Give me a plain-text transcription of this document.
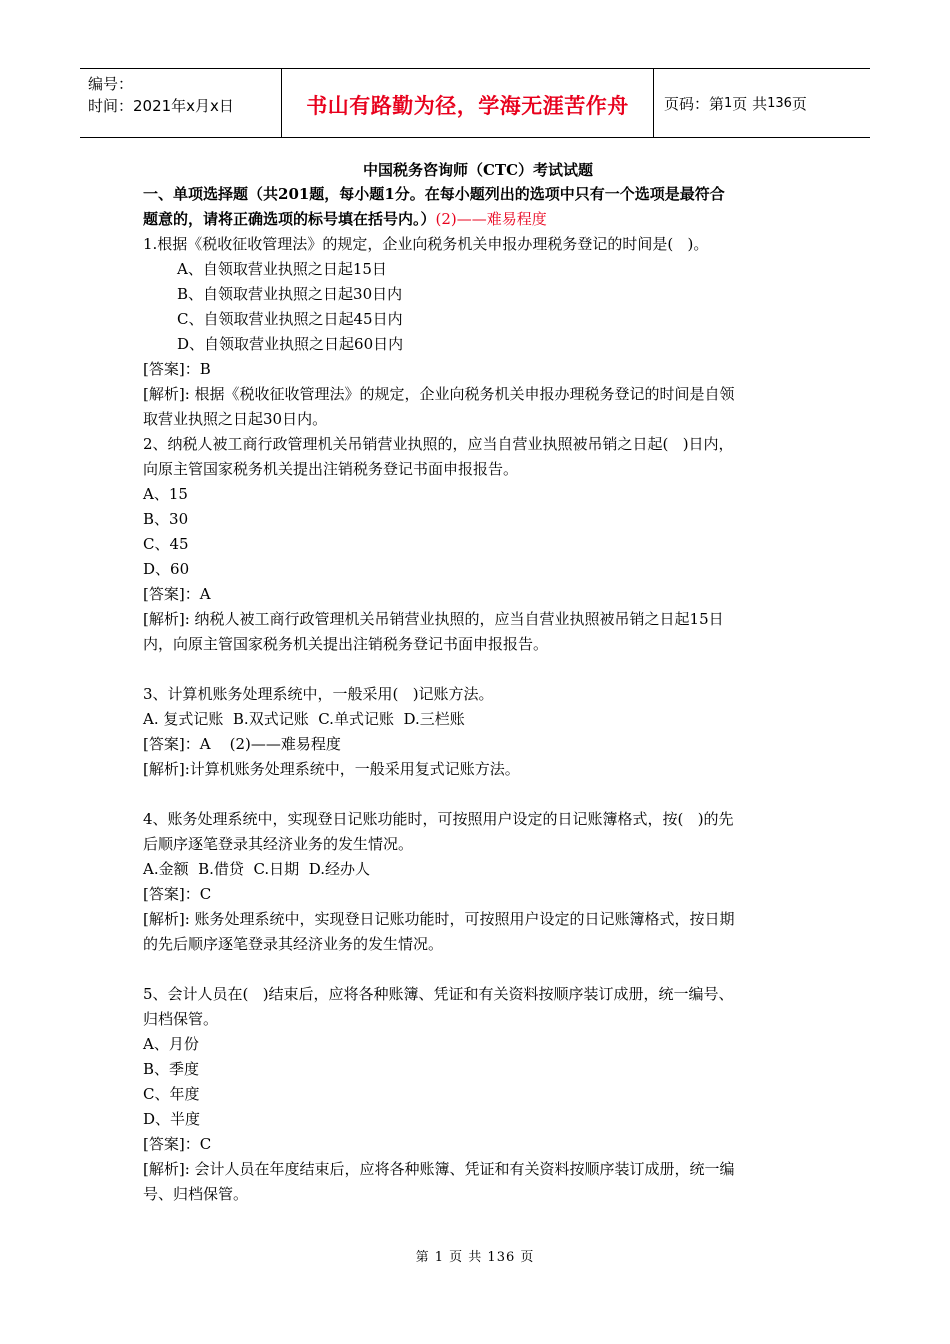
编号：
时间：2021年x月x日	书山有路勤为径，学海无涯苦作舟 页码：第 1 页 共 136 页

中国税务咨询师（CTC）考试试题

一、单项选择题（共201题，每小题1分。在每小题列出的选项中只有一个选项是最符合

题意的，请将正确选项的标号填在括号内。）(2)——难易程度

1.根据《税收征收管理法》的规定，企业向税务机关申报办理税务登记的时间是(   )。

A、自领取营业执照之日起15日

B、自领取营业执照之日起30日内

C、自领取营业执照之日起45日内

D、自领取营业执照之日起60日内

[答案]：B

[解析]: 根据《税收征收管理法》的规定，企业向税务机关申报办理税务登记的时间是自领

取营业执照之日起30日内。

2、纳税人被工商行政管理机关吊销营业执照的，应当自营业执照被吊销之日起(   )日内，

向原主管国家税务机关提出注销税务登记书面申报报告。

A、15

B、30

C、45

D、60

[答案]：A

[解析]: 纳税人被工商行政管理机关吊销营业执照的，应当自营业执照被吊销之日起15日

内，向原主管国家税务机关提出注销税务登记书面申报报告。

3、计算机账务处理系统中，一般采用(   )记账方法。

A. 复式记账  B.双式记账  C.单式记账  D.三栏账

[答案]：A    (2)——难易程度

[解析]:计算机账务处理系统中，一般采用复式记账方法。

4、账务处理系统中，实现登日记账功能时，可按照用户设定的日记账簿格式，按(   )的先

后顺序逐笔登录其经济业务的发生情况。

A.金额  B.借贷  C.日期  D.经办人

[答案]：C

[解析]: 账务处理系统中，实现登日记账功能时，可按照用户设定的日记账簿格式，按日期

的先后顺序逐笔登录其经济业务的发生情况。

5、会计人员在(   )结束后，应将各种账簿、凭证和有关资料按顺序装订成册，统一编号、

归档保管。

A、月份

B、季度

C、年度

D、半度

[答案]：C

[解析]: 会计人员在年度结束后，应将各种账簿、凭证和有关资料按顺序装订成册，统一编

号、归档保管。

第 1 页 共 136 页
